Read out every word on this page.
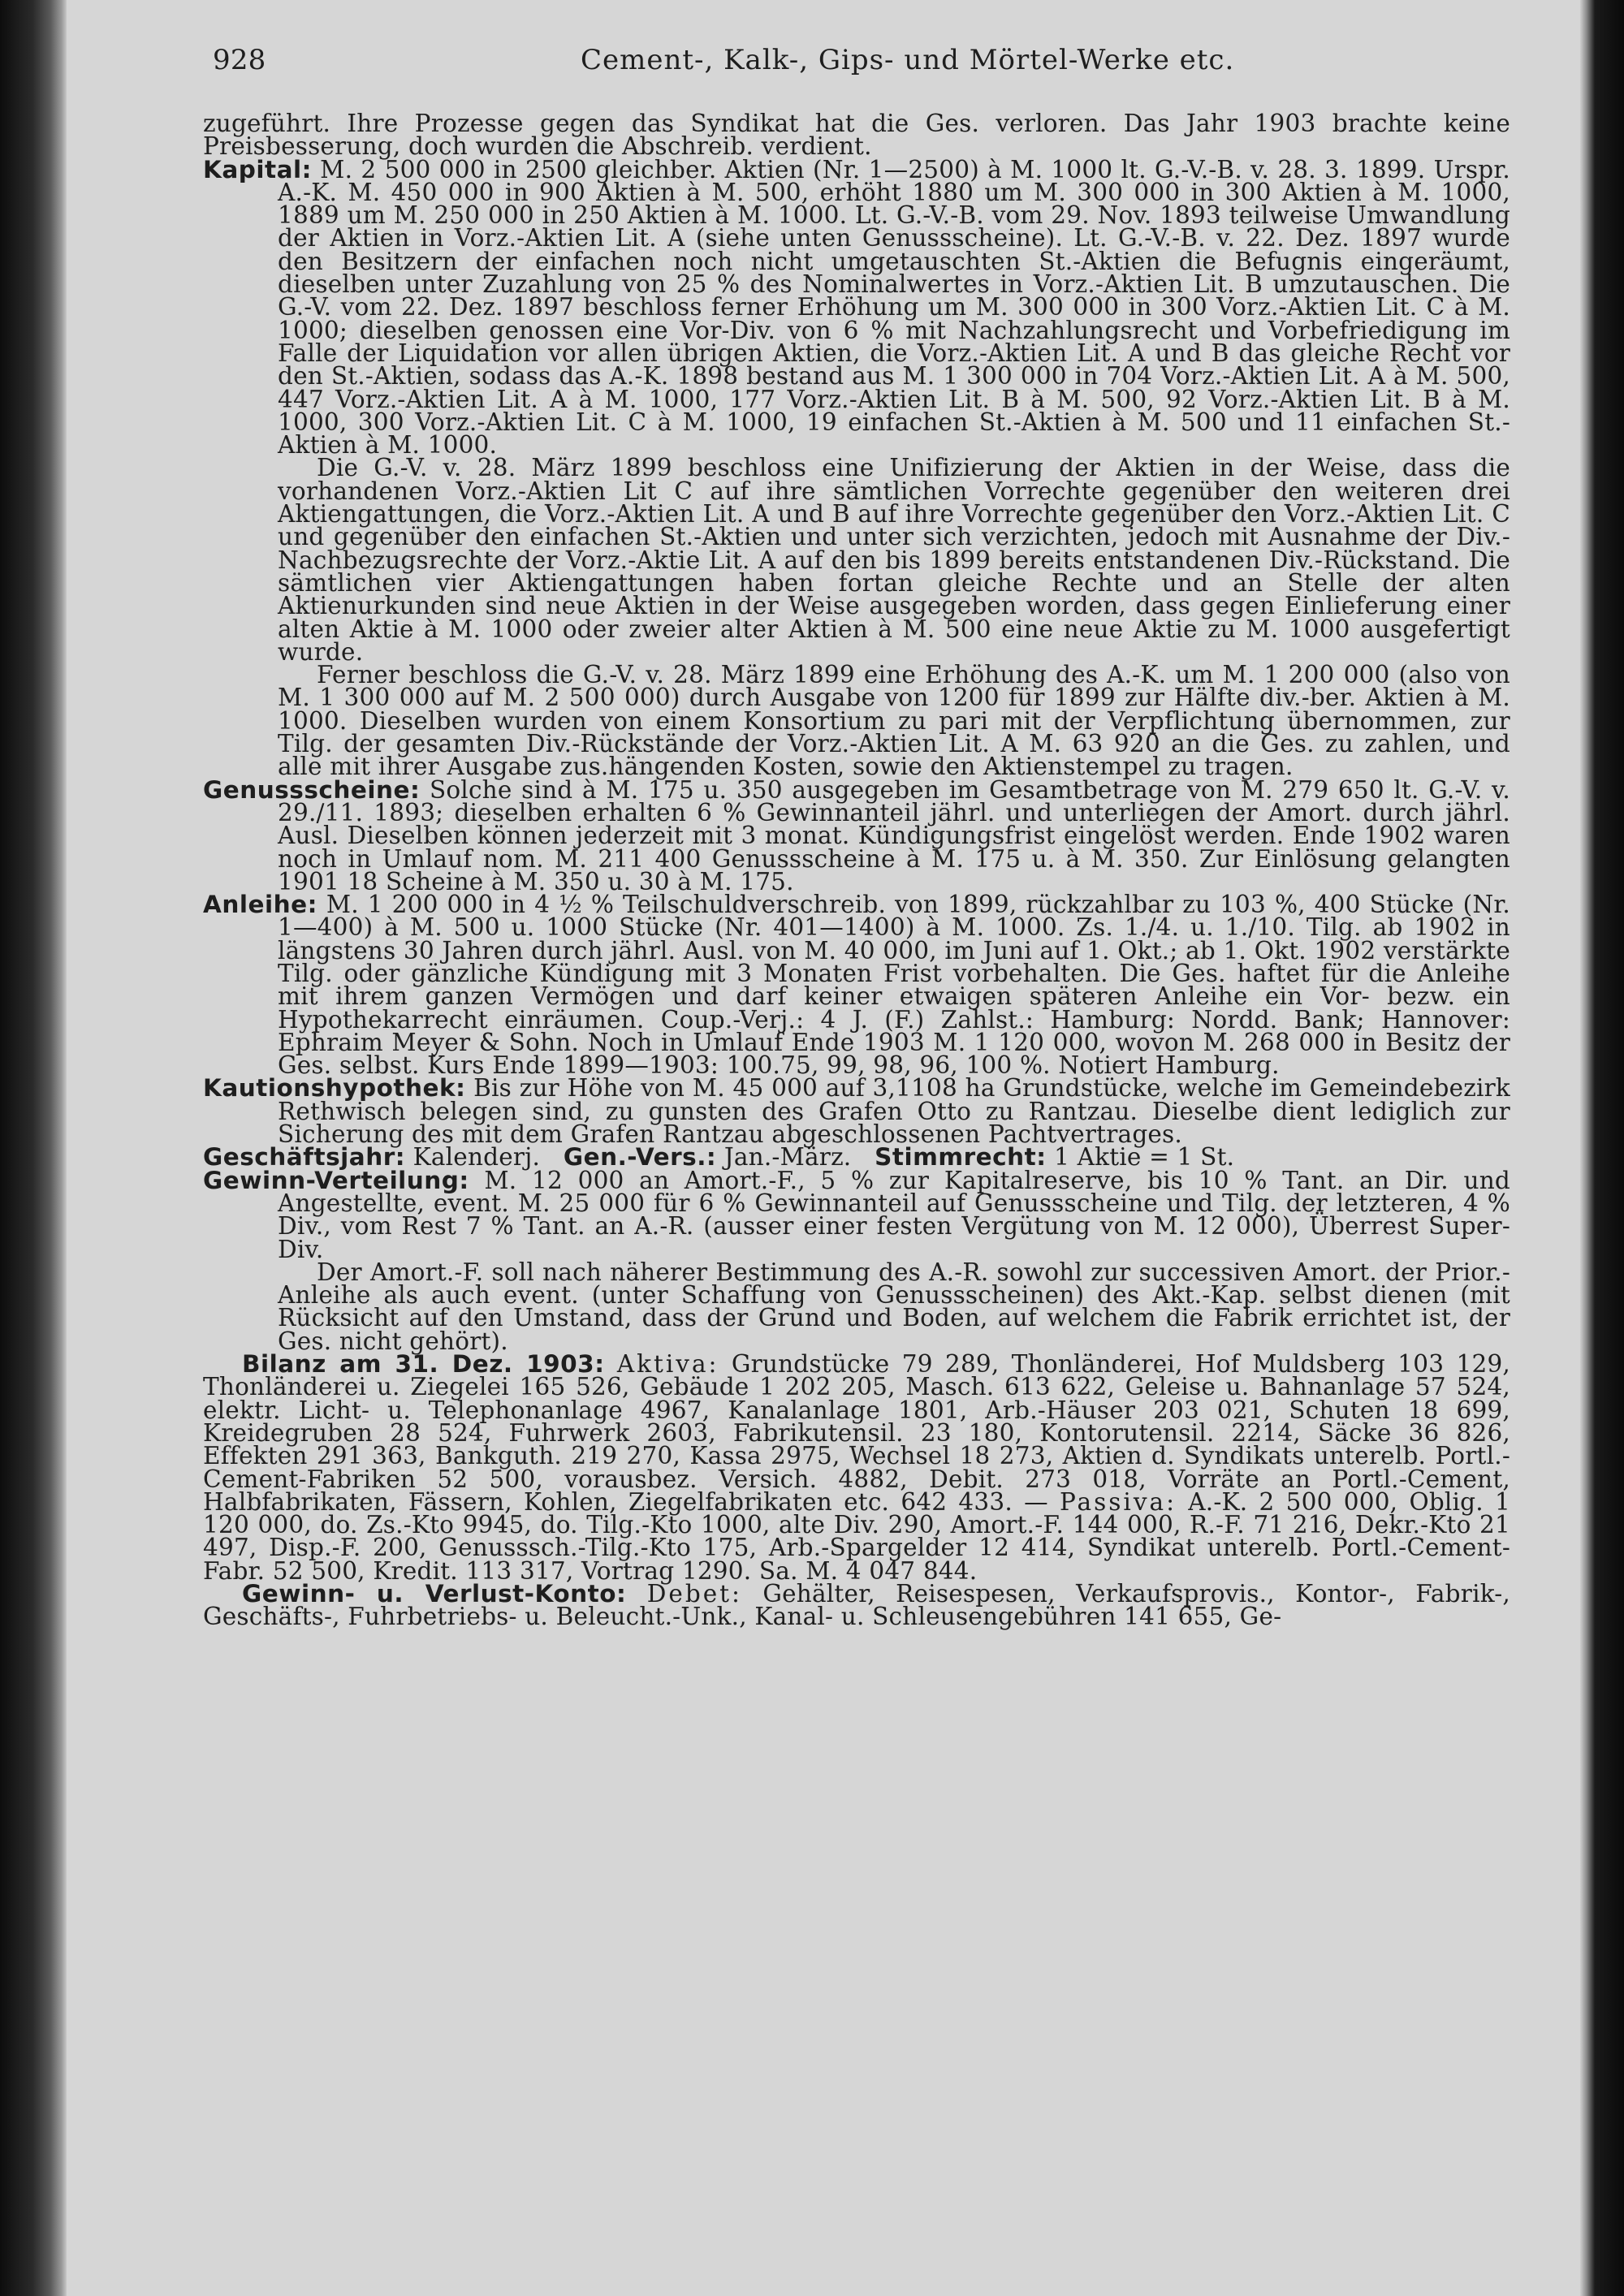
928	Cement-, Kalk-, Gips- und Mörtel-Werke etc.

zugeführt. Ihre Prozesse gegen das Syndikat hat die Ges. verloren. Das Jahr 1903 brachte keine Preisbesserung, doch wurden die Abschreib. verdient.

Kapital: M. 2 500 000 in 2500 gleichber. Aktien (Nr. 1—2500) à M. 1000 lt. G.-V.-B. v. 28. 3. 1899. Urspr. A.-K. M. 450 000 in 900 Aktien à M. 500, erhöht 1880 um M. 300 000 in 300 Aktien à M. 1000, 1889 um M. 250 000 in 250 Aktien à M. 1000. Lt. G.-V.-B. vom 29. Nov. 1893 teilweise Umwandlung der Aktien in Vorz.-Aktien Lit. A (siehe unten Genussscheine). Lt. G.-V.-B. v. 22. Dez. 1897 wurde den Besitzern der einfachen noch nicht umgetauschten St.-Aktien die Befugnis eingeräumt, dieselben unter Zuzahlung von 25 % des Nominalwertes in Vorz.-Aktien Lit. B umzutauschen. Die G.-V. vom 22. Dez. 1897 beschloss ferner Erhöhung um M. 300 000 in 300 Vorz.-Aktien Lit. C à M. 1000; dieselben genossen eine Vor-Div. von 6 % mit Nachzahlungsrecht und Vorbefriedigung im Falle der Liquidation vor allen übrigen Aktien, die Vorz.-Aktien Lit. A und B das gleiche Recht vor den St.-Aktien, sodass das A.-K. 1898 bestand aus M. 1 300 000 in 704 Vorz.-Aktien Lit. A à M. 500, 447 Vorz.-Aktien Lit. A à M. 1000, 177 Vorz.-Aktien Lit. B à M. 500, 92 Vorz.-Aktien Lit. B à M. 1000, 300 Vorz.-Aktien Lit. C à M. 1000, 19 einfachen St.-Aktien à M. 500 und 11 einfachen St.-Aktien à M. 1000.

Die G.-V. v. 28. März 1899 beschloss eine Unifizierung der Aktien in der Weise, dass die vorhandenen Vorz.-Aktien Lit C auf ihre sämtlichen Vorrechte gegenüber den weiteren drei Aktiengattungen, die Vorz.-Aktien Lit. A und B auf ihre Vorrechte gegenüber den Vorz.-Aktien Lit. C und gegenüber den einfachen St.-Aktien und unter sich verzichten, jedoch mit Ausnahme der Div.-Nachbezugsrechte der Vorz.-Aktie Lit. A auf den bis 1899 bereits entstandenen Div.-Rückstand. Die sämtlichen vier Aktiengattungen haben fortan gleiche Rechte und an Stelle der alten Aktienurkunden sind neue Aktien in der Weise ausgegeben worden, dass gegen Einlieferung einer alten Aktie à M. 1000 oder zweier alter Aktien à M. 500 eine neue Aktie zu M. 1000 ausgefertigt wurde.

Ferner beschloss die G.-V. v. 28. März 1899 eine Erhöhung des A.-K. um M. 1 200 000 (also von M. 1 300 000 auf M. 2 500 000) durch Ausgabe von 1200 für 1899 zur Hälfte div.-ber. Aktien à M. 1000. Dieselben wurden von einem Konsortium zu pari mit der Verpflichtung übernommen, zur Tilg. der gesamten Div.-Rückstände der Vorz.-Aktien Lit. A M. 63 920 an die Ges. zu zahlen, und alle mit ihrer Ausgabe zus.hängenden Kosten, sowie den Aktienstempel zu tragen.

Genussscheine: Solche sind à M. 175 u. 350 ausgegeben im Gesamtbetrage von M. 279 650 lt. G.-V. v. 29./11. 1893; dieselben erhalten 6 % Gewinnanteil jährl. und unterliegen der Amort. durch jährl. Ausl. Dieselben können jederzeit mit 3 monat. Kündigungsfrist eingelöst werden. Ende 1902 waren noch in Umlauf nom. M. 211 400 Genussscheine à M. 175 u. à M. 350. Zur Einlösung gelangten 1901 18 Scheine à M. 350 u. 30 à M. 175.

Anleihe: M. 1 200 000 in 4 ½ % Teilschuldverschreib. von 1899, rückzahlbar zu 103 %, 400 Stücke (Nr. 1—400) à M. 500 u. 1000 Stücke (Nr. 401—1400) à M. 1000. Zs. 1./4. u. 1./10. Tilg. ab 1902 in längstens 30 Jahren durch jährl. Ausl. von M. 40 000, im Juni auf 1. Okt.; ab 1. Okt. 1902 verstärkte Tilg. oder gänzliche Kündigung mit 3 Monaten Frist vorbehalten. Die Ges. haftet für die Anleihe mit ihrem ganzen Vermögen und darf keiner etwaigen späteren Anleihe ein Vor- bezw. ein Hypothekarrecht einräumen. Coup.-Verj.: 4 J. (F.) Zahlst.: Hamburg: Nordd. Bank; Hannover: Ephraim Meyer & Sohn. Noch in Umlauf Ende 1903 M. 1 120 000, wovon M. 268 000 in Besitz der Ges. selbst. Kurs Ende 1899—1903: 100.75, 99, 98, 96, 100 %. Notiert Hamburg.

Kautionshypothek: Bis zur Höhe von M. 45 000 auf 3,1108 ha Grundstücke, welche im Gemeindebezirk Rethwisch belegen sind, zu gunsten des Grafen Otto zu Rantzau. Dieselbe dient lediglich zur Sicherung des mit dem Grafen Rantzau abgeschlossenen Pachtvertrages.

Geschäftsjahr: Kalenderj. Gen.-Vers.: Jan.-März. Stimmrecht: 1 Aktie = 1 St.

Gewinn-Verteilung: M. 12 000 an Amort.-F., 5 % zur Kapitalreserve, bis 10 % Tant. an Dir. und Angestellte, event. M. 25 000 für 6 % Gewinnanteil auf Genussscheine und Tilg. der letzteren, 4 % Div., vom Rest 7 % Tant. an A.-R. (ausser einer festen Vergütung von M. 12 000), Überrest Super-Div.

Der Amort.-F. soll nach näherer Bestimmung des A.-R. sowohl zur successiven Amort. der Prior.-Anleihe als auch event. (unter Schaffung von Genussscheinen) des Akt.-Kap. selbst dienen (mit Rücksicht auf den Umstand, dass der Grund und Boden, auf welchem die Fabrik errichtet ist, der Ges. nicht gehört).

Bilanz am 31. Dez. 1903: Aktiva: Grundstücke 79 289, Thonländerei, Hof Muldsberg 103 129, Thonländerei u. Ziegelei 165 526, Gebäude 1 202 205, Masch. 613 622, Geleise u. Bahnanlage 57 524, elektr. Licht- u. Telephonanlage 4967, Kanalanlage 1801, Arb.-Häuser 203 021, Schuten 18 699, Kreidegruben 28 524, Fuhrwerk 2603, Fabrikutensil. 23 180, Kontorutensil. 2214, Säcke 36 826, Effekten 291 363, Bankguth. 219 270, Kassa 2975, Wechsel 18 273, Aktien d. Syndikats unterelb. Portl.-Cement-Fabriken 52 500, vorausbez. Versich. 4882, Debit. 273 018, Vorräte an Portl.-Cement, Halbfabrikaten, Fässern, Kohlen, Ziegelfabrikaten etc. 642 433. — Passiva: A.-K. 2 500 000, Oblig. 1 120 000, do. Zs.-Kto 9945, do. Tilg.-Kto 1000, alte Div. 290, Amort.-F. 144 000, R.-F. 71 216, Dekr.-Kto 21 497, Disp.-F. 200, Genusssch.-Tilg.-Kto 175, Arb.-Spargelder 12 414, Syndikat unterelb. Portl.-Cement-Fabr. 52 500, Kredit. 113 317, Vortrag 1290. Sa. M. 4 047 844.

Gewinn- u. Verlust-Konto: Debet: Gehälter, Reisespesen, Verkaufsprovis., Kontor-, Fabrik-, Geschäfts-, Fuhrbetriebs- u. Beleucht.-Unk., Kanal- u. Schleusengebühren 141 655, Ge-
